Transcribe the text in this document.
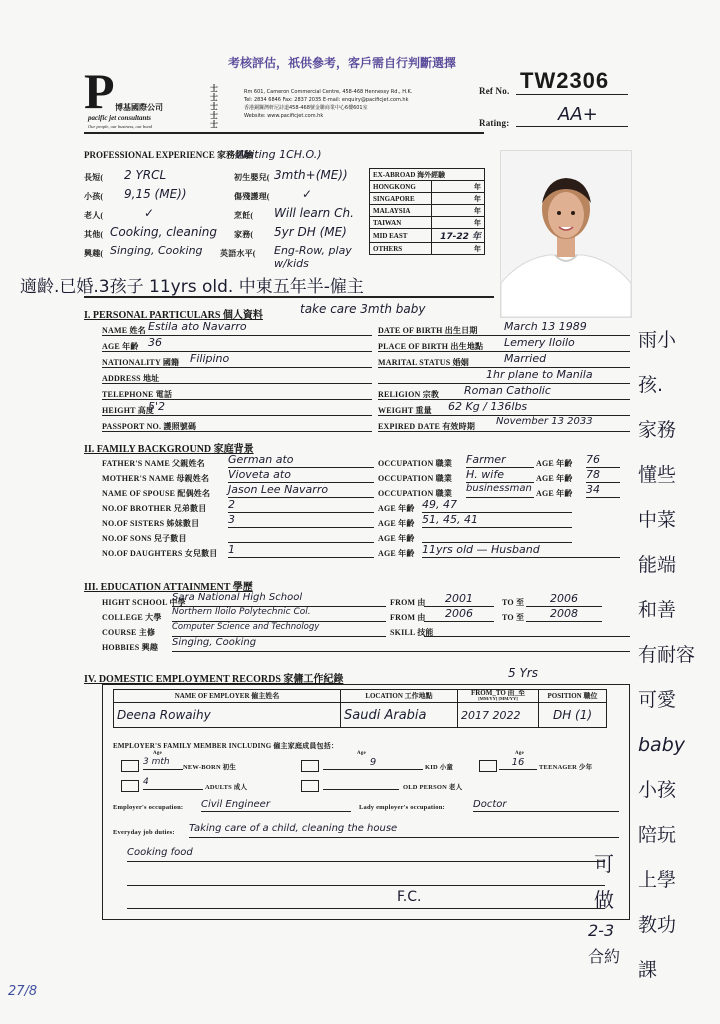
考核評估，祇供參考，客戶需自行判斷選擇
P 博基國際公司
pacific jet consultants
Our people, our business, our bond
士
士
士
士
士
Rm 601, Cameron Commercial Centre, 458-468 Hennessy Rd., H.K.
Tel: 2834 6846 Fax: 2837 2035 E-mail: enquiry@pacificjet.com.hk
香港銅鑼灣軒尼詩道458-468號金聯商業中心6樓601室
Website: www.pacificjet.com.hk
Ref No. TW2306
Rating:	AA+
PROFESSIONAL EXPERIENCE 家務經驗
Writing 1CH.O.)
長短( 2 YRCL	初生嬰兒( 3mth+(ME))
小孩( 9,15 (ME))	傷殘護理(	✓
老人(	✓	烹飪( Will learn Ch.
其他( Cooking, cleaning 家務( 5yr DH (ME)
興趣( Singing, Cooking 英語水平( Eng-Row, play w/kids
EX-ABROAD 海外經驗	
HONGKONG	年
SINGAPORE	年
MALAYSIA	年
TAIWAN	年
MID EAST	17-22 年
OTHERS	年
適齡.已婚.3孩子 11yrs old. 中東五年半-僱主
I. PERSONAL PARTICULARS 個人資料	take care 3mth baby
NAME 姓名 Estila ato Navarro
AGE 年齡 36
NATIONALITY 國籍 Filipino
ADDRESS 地址
TELEPHONE 電話
HEIGHT 高度
5'2
PASSPORT NO. 護照號碼
DATE OF BIRTH 出生日期 March 13 1989
PLACE OF BIRTH 出生地點 Lemery Iloilo
MARITAL STATUS 婚姻	Married
1hr plane to Manila
RELIGION 宗教 Roman Catholic
WEIGHT 重量 62 Kg / 136lbs
EXPIRED DATE 有效時期 November 13 2033
II. FAMILY BACKGROUND 家庭背景
FATHER'S NAME 父親姓名 German ato	OCCUPATION 職業 Farmer	AGE 年齡 76
MOTHER'S NAME 母親姓名 Vioveta ato	OCCUPATION 職業 H. wife	AGE 年齡 78
NAME OF SPOUSE 配偶姓名 Jason Lee Navarro	OCCUPATION 職業 businessman AGE 年齡 34
NO.OF BROTHER 兄弟數目 2	AGE 年齡 49, 47
NO.OF SISTERS 姊妹數目	3	AGE 年齡 51, 45, 41
NO.OF SONS 兒子數目	AGE 年齡
NO.OF DAUGHTERS 女兒數目 1	AGE 年齡 11yrs old — Husband
III. EDUCATION ATTAINMENT 學歷
HIGHT SCHOOL 中學
Sara National High School	FROM 由	2001	TO 至	2006
COLLEGE 大學
Northern Iloilo Polytechnic Col.
FROM 由	2006	TO 至	2008
COURSE 主修
Computer Science and Technology
SKILL 技能
HOBBIES 興趣 Singing, Cooking
IV. DOMESTIC EMPLOYMENT RECORDS 家傭工作紀錄	5 Yrs
NAME OF EMPLOYER 僱主姓名	LOCATION 工作地點	FROM_TO 由_至
[MM/YY] [MM/YY]	POSITION 職位
Deena Rowaihy	Saudi Arabia	2017 2022	DH (1)
EMPLOYER'S FAMILY MEMBER INCLUDING 僱主家庭成員包括：
Age
3 mth
NEW-BORN 初生
Age
9	KID 小童
Age
16	TEENAGER 少年
4
ADULTS 成人	OLD PERSON 老人
Employer's occupation: Civil Engineer	Lady employer's occupation:	Doctor
Everyday job duties: Taking care of a child, cleaning the house
Cooking food
F.C.
雨小
孩.
家務
懂些
中菜
能端
和善
有耐容
可愛
baby
小孩
陪玩
上學
教功
課
可
做
2-3
合約
27/8
